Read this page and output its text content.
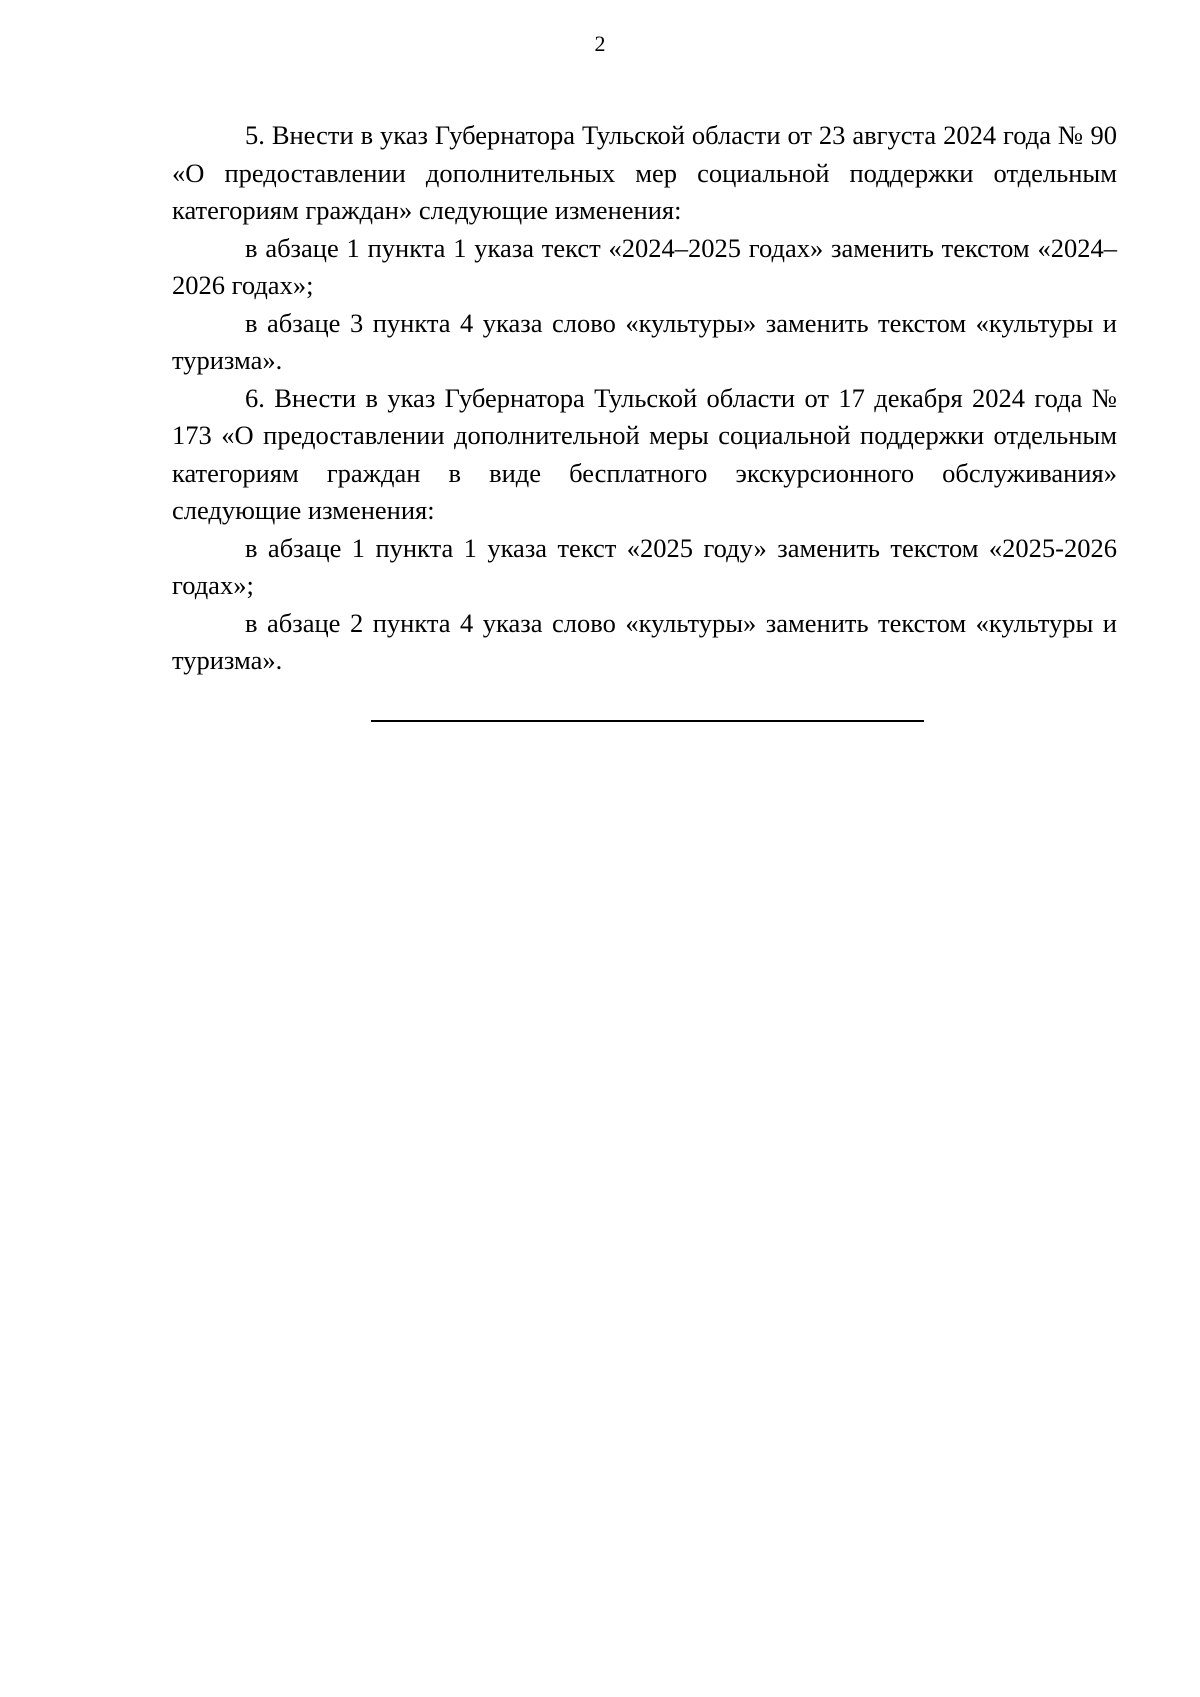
2

5. Внести в указ Губернатора Тульской области от 23 августа 2024 года № 90 «О предоставлении дополнительных мер социальной поддержки отдельным категориям граждан» следующие изменения:

в абзаце 1 пункта 1 указа текст «2024–2025 годах» заменить текстом «2024–2026 годах»;

в абзаце 3 пункта 4 указа слово «культуры» заменить текстом «культуры и туризма».

6. Внести в указ Губернатора Тульской области от 17 декабря 2024 года № 173 «О предоставлении дополнительной меры социальной поддержки отдельным категориям граждан в виде бесплатного экскурсионного обслуживания» следующие изменения:

в абзаце 1 пункта 1 указа текст «2025 году» заменить текстом «2025-2026 годах»;

в абзаце 2 пункта 4 указа слово «культуры» заменить текстом «культуры и туризма».
